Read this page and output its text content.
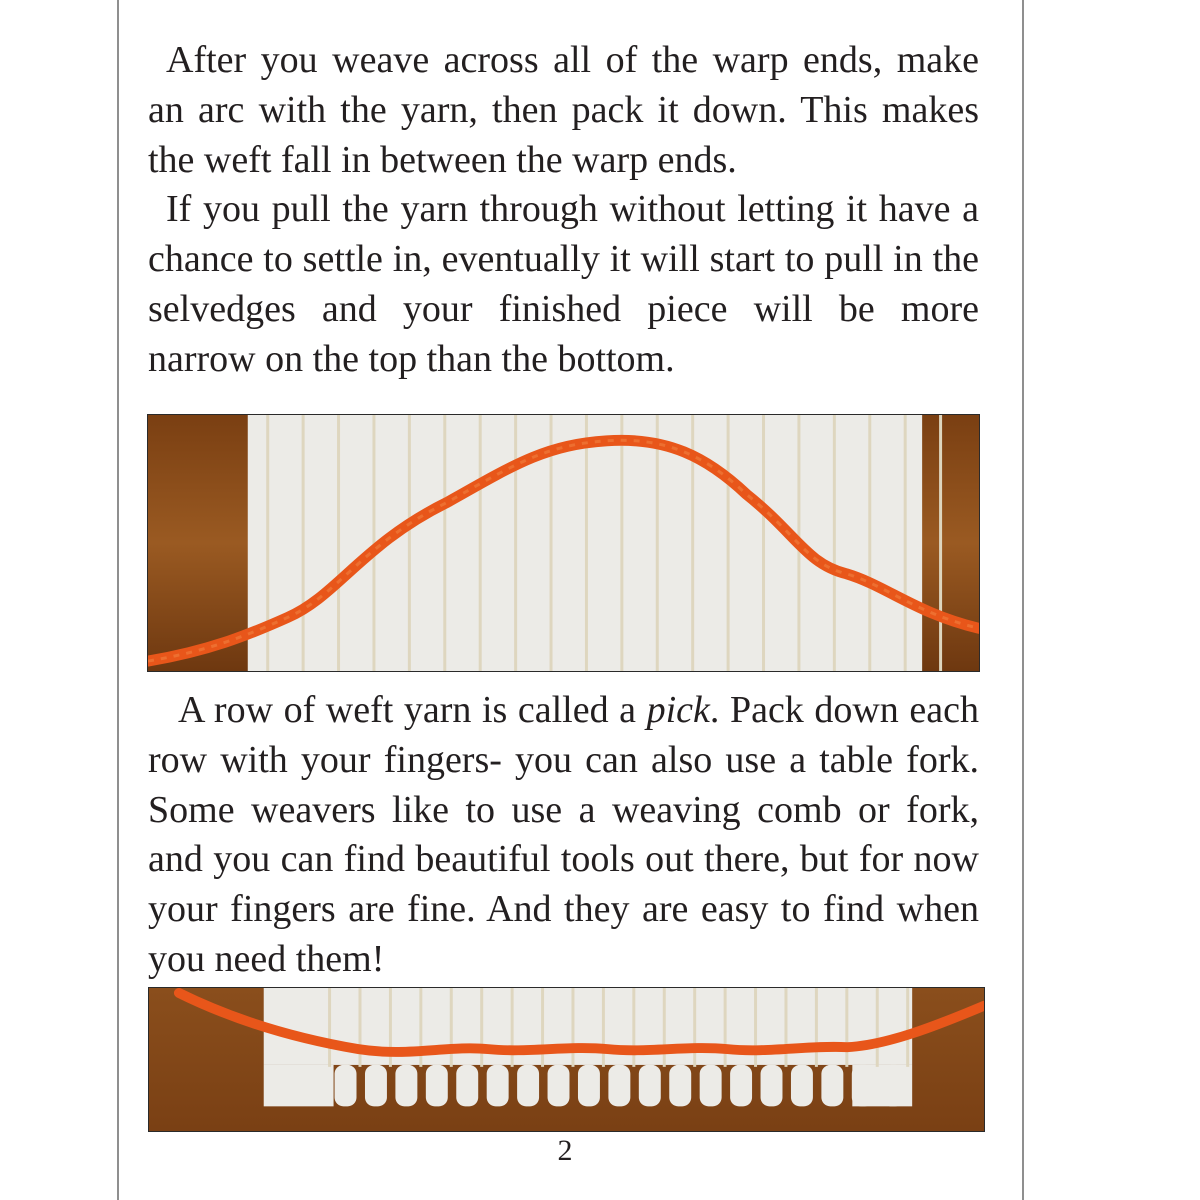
After you weave across all of the warp ends, make an arc with the yarn, then pack it down. This makes the weft fall in between the warp ends.

If you pull the yarn through without letting it have a chance to settle in, eventually it will start to pull in the selvedges and your finished piece will be more narrow on the top than the bottom.

A row of weft yarn is called a pick. Pack down each row with your fingers- you can also use a table fork. Some weavers like to use a weaving comb or fork, and you can find beautiful tools out there, but for now your fingers are fine. And they are easy to find when you need them!
2
